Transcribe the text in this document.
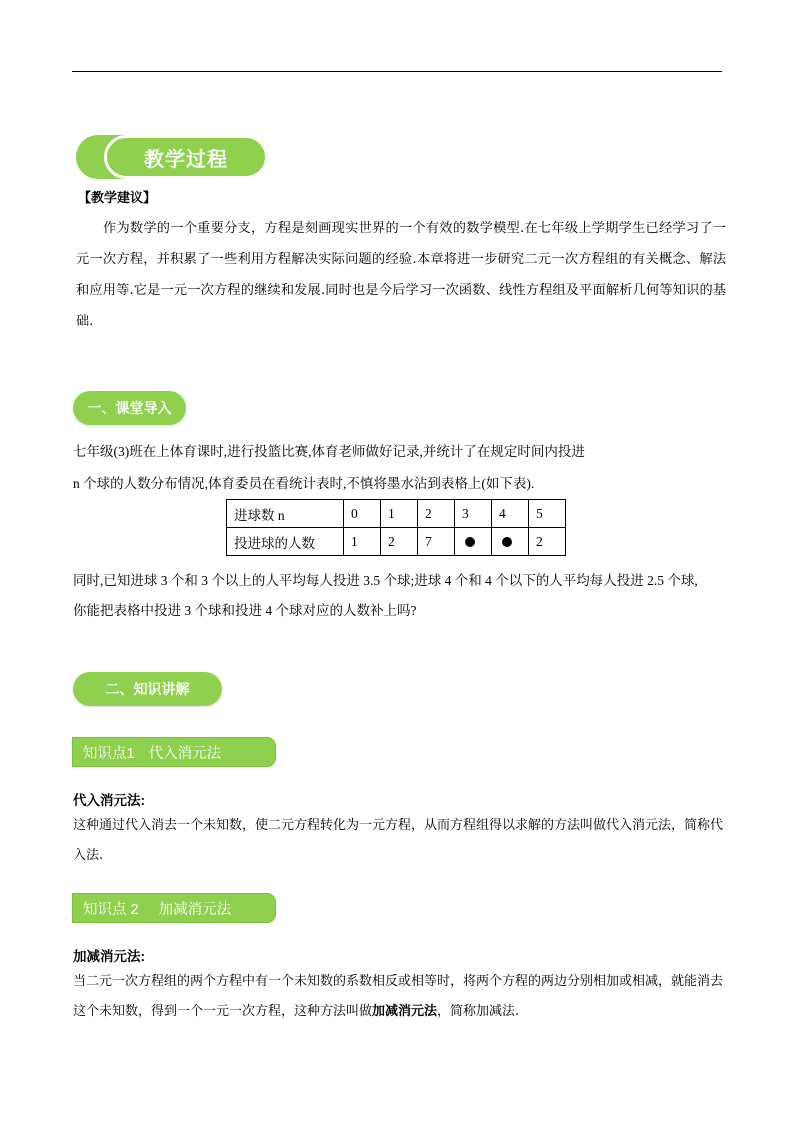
教学过程
【教学建议】
作为数学的一个重要分支，方程是刻画现实世界的一个有效的数学模型.在七年级上学期学生已经学习了一元一次方程，并积累了一些利用方程解决实际问题的经验.本章将进一步研究二元一次方程组的有关概念、解法和应用等.它是一元一次方程的继续和发展.同时也是今后学习一次函数、线性方程组及平面解析几何等知识的基础.
一、课堂导入
七年级(3)班在上体育课时,进行投篮比赛,体育老师做好记录,并统计了在规定时间内投进
n 个球的人数分布情况,体育委员在看统计表时,不慎将墨水沾到表格上(如下表).
进球数 n	0	1	2	3	4	5
投进球的人数	1	2	7			2
同时,已知进球 3 个和 3 个以上的人平均每人投进 3.5 个球;进球 4 个和 4 个以下的人平均每人投进 2.5 个球,
你能把表格中投进 3 个球和投进 4 个球对应的人数补上吗?
二、知识讲解
知识点1 代入消元法
代入消元法:
这种通过代入消去一个未知数，使二元方程转化为一元方程，从而方程组得以求解的方法叫做代入消元法，简称代入法.
知识点 2 加减消元法
加减消元法:
当二元一次方程组的两个方程中有一个未知数的系数相反或相等时，将两个方程的两边分别相加或相减，就能消去这个未知数，得到一个一元一次方程，这种方法叫做加减消元法，简称加减法.
